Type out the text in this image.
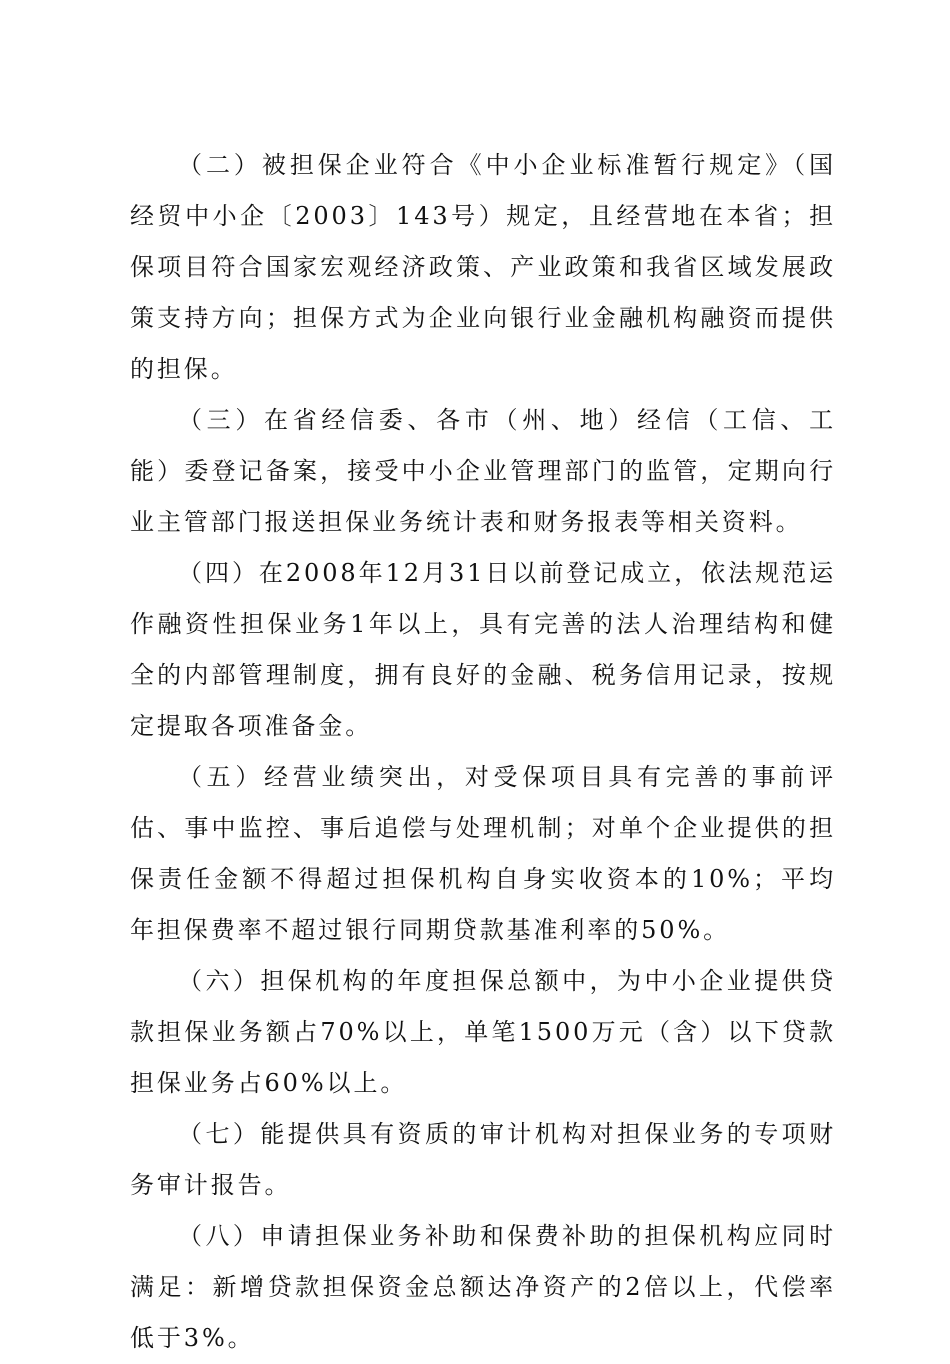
（二）被担保企业符合《中小企业标准暂行规定》（国经贸中小企〔2003〕143号）规定，且经营地在本省；担保项目符合国家宏观经济政策、产业政策和我省区域发展政策支持方向；担保方式为企业向银行业金融机构融资而提供的担保。

（三）在省经信委、各市（州、地）经信（工信、工能）委登记备案，接受中小企业管理部门的监管，定期向行业主管部门报送担保业务统计表和财务报表等相关资料。

（四）在2008年12月31日以前登记成立，依法规范运作融资性担保业务1年以上，具有完善的法人治理结构和健全的内部管理制度，拥有良好的金融、税务信用记录，按规定提取各项准备金。

（五）经营业绩突出，对受保项目具有完善的事前评估、事中监控、事后追偿与处理机制；对单个企业提供的担保责任金额不得超过担保机构自身实收资本的10%；平均年担保费率不超过银行同期贷款基准利率的50%。

（六）担保机构的年度担保总额中，为中小企业提供贷款担保业务额占70%以上，单笔1500万元（含）以下贷款担保业务占60%以上。

（七）能提供具有资质的审计机构对担保业务的专项财务审计报告。

（八）申请担保业务补助和保费补助的担保机构应同时满足：新增贷款担保资金总额达净资产的2倍以上，代偿率低于3%。
